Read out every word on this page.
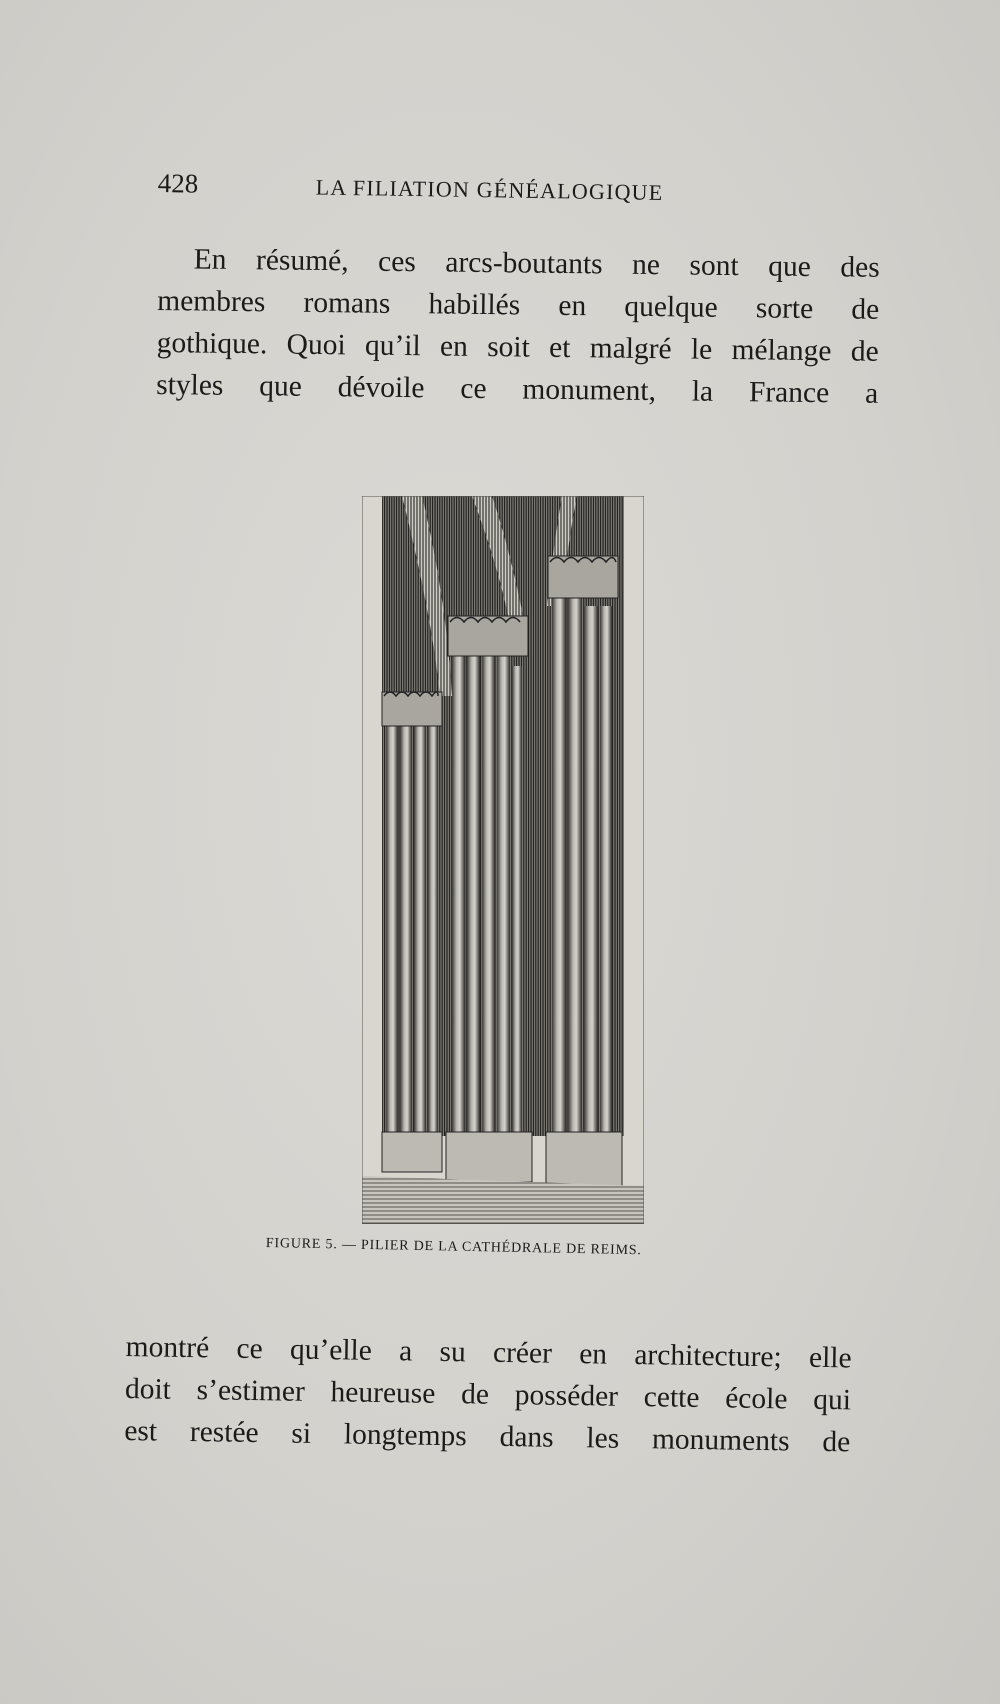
428	LA FILIATION GÉNÉALOGIQUE
En résumé, ces arcs-boutants ne sont que des
membres romans habillés en quelque sorte de
gothique. Quoi qu’il en soit et malgré le mélange de
styles que dévoile ce monument, la France a
FIGURE 5. — PILIER DE LA CATHÉDRALE DE REIMS.
montré ce qu’elle a su créer en architecture; elle
doit s’estimer heureuse de posséder cette école qui
est restée si longtemps dans les monuments de
